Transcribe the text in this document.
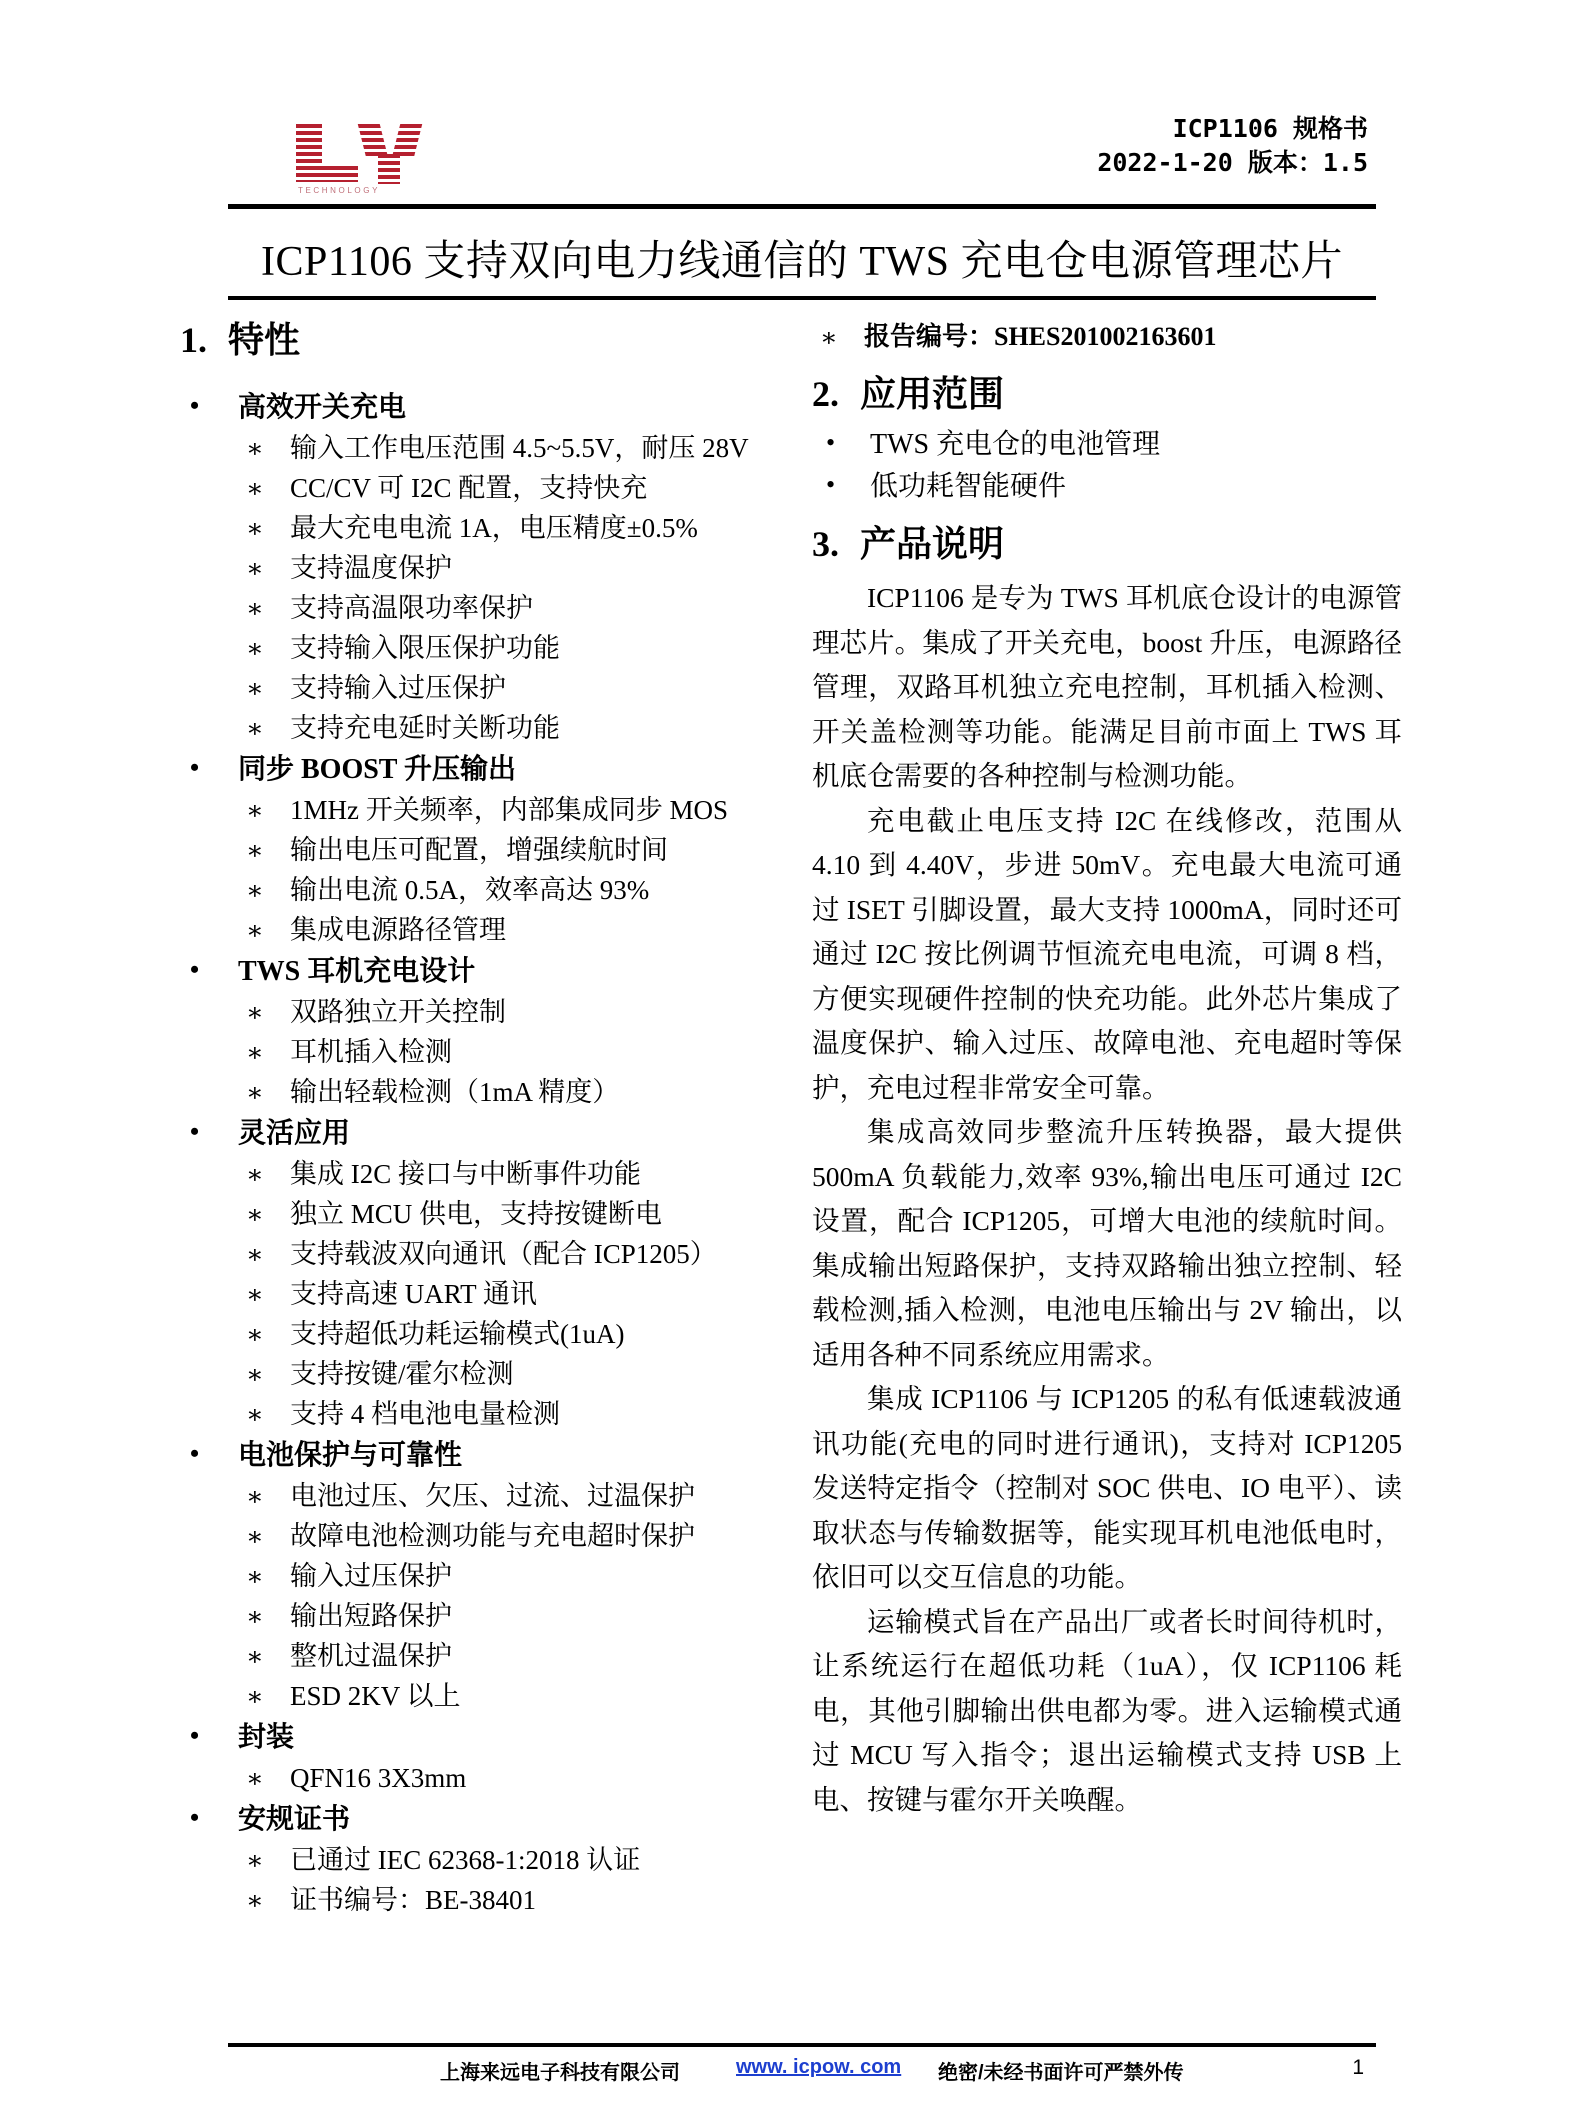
TECHNOLOGY
ICP1106 规格书
2022-1-20 版本：1.5
ICP1106 支持双向电力线通信的 TWS 充电仓电源管理芯片
1. 特性
• 高效开关充电
∗ 输入工作电压范围 4.5~5.5V，耐压 28V
∗ CC/CV 可 I2C 配置，支持快充
∗ 最大充电电流 1A，电压精度±0.5%
∗ 支持温度保护
∗ 支持高温限功率保护
∗ 支持输入限压保护功能
∗ 支持输入过压保护
∗ 支持充电延时关断功能
• 同步 BOOST 升压输出
∗ 1MHz 开关频率，内部集成同步 MOS
∗ 输出电压可配置，增强续航时间
∗ 输出电流 0.5A，效率高达 93%
∗ 集成电源路径管理
• TWS 耳机充电设计
∗ 双路独立开关控制
∗ 耳机插入检测
∗ 输出轻载检测（1mA 精度）
• 灵活应用
∗ 集成 I2C 接口与中断事件功能
∗ 独立 MCU 供电，支持按键断电
∗ 支持载波双向通讯（配合 ICP1205）
∗ 支持高速 UART 通讯
∗ 支持超低功耗运输模式(1uA)
∗ 支持按键/霍尔检测
∗ 支持 4 档电池电量检测
• 电池保护与可靠性
∗ 电池过压、欠压、过流、过温保护
∗ 故障电池检测功能与充电超时保护
∗ 输入过压保护
∗ 输出短路保护
∗ 整机过温保护
∗ ESD 2KV 以上
• 封装
∗ QFN16 3X3mm
• 安规证书
∗ 已通过 IEC 62368-1:2018 认证
∗ 证书编号：BE-38401
∗ 报告编号：SHES201002163601
2. 应用范围
• TWS 充电仓的电池管理
• 低功耗智能硬件
3. 产品说明

ICP1106 是专为 TWS 耳机底仓设计的电源管理芯片。集成了开关充电，boost 升压，电源路径管理，双路耳机独立充电控制，耳机插入检测、开关盖检测等功能。能满足目前市面上 TWS 耳机底仓需要的各种控制与检测功能。

充电截止电压支持 I2C 在线修改，范围从 4.10 到 4.40V，步进 50mV。充电最大电流可通过 ISET 引脚设置，最大支持 1000mA，同时还可通过 I2C 按比例调节恒流充电电流，可调 8 档，方便实现硬件控制的快充功能。此外芯片集成了温度保护、输入过压、故障电池、充电超时等保护，充电过程非常安全可靠。

集成高效同步整流升压转换器，最大提供 500mA 负载能力,效率 93%,输出电压可通过 I2C 设置，配合 ICP1205，可增大电池的续航时间。集成输出短路保护，支持双路输出独立控制、轻载检测,插入检测，电池电压输出与 2V 输出，以适用各种不同系统应用需求。

集成 ICP1106 与 ICP1205 的私有低速载波通讯功能(充电的同时进行通讯)，支持对 ICP1205 发送特定指令（控制对 SOC 供电、IO 电平）、读取状态与传输数据等，能实现耳机电池低电时，依旧可以交互信息的功能。

运输模式旨在产品出厂或者长时间待机时，让系统运行在超低功耗（1uA），仅 ICP1106 耗电，其他引脚输出供电都为零。进入运输模式通过 MCU 写入指令；退出运输模式支持 USB 上电、按键与霍尔开关唤醒。

上海来远电子科技有限公司	www. icpow. com 绝密/未经书面许可严禁外传	1
